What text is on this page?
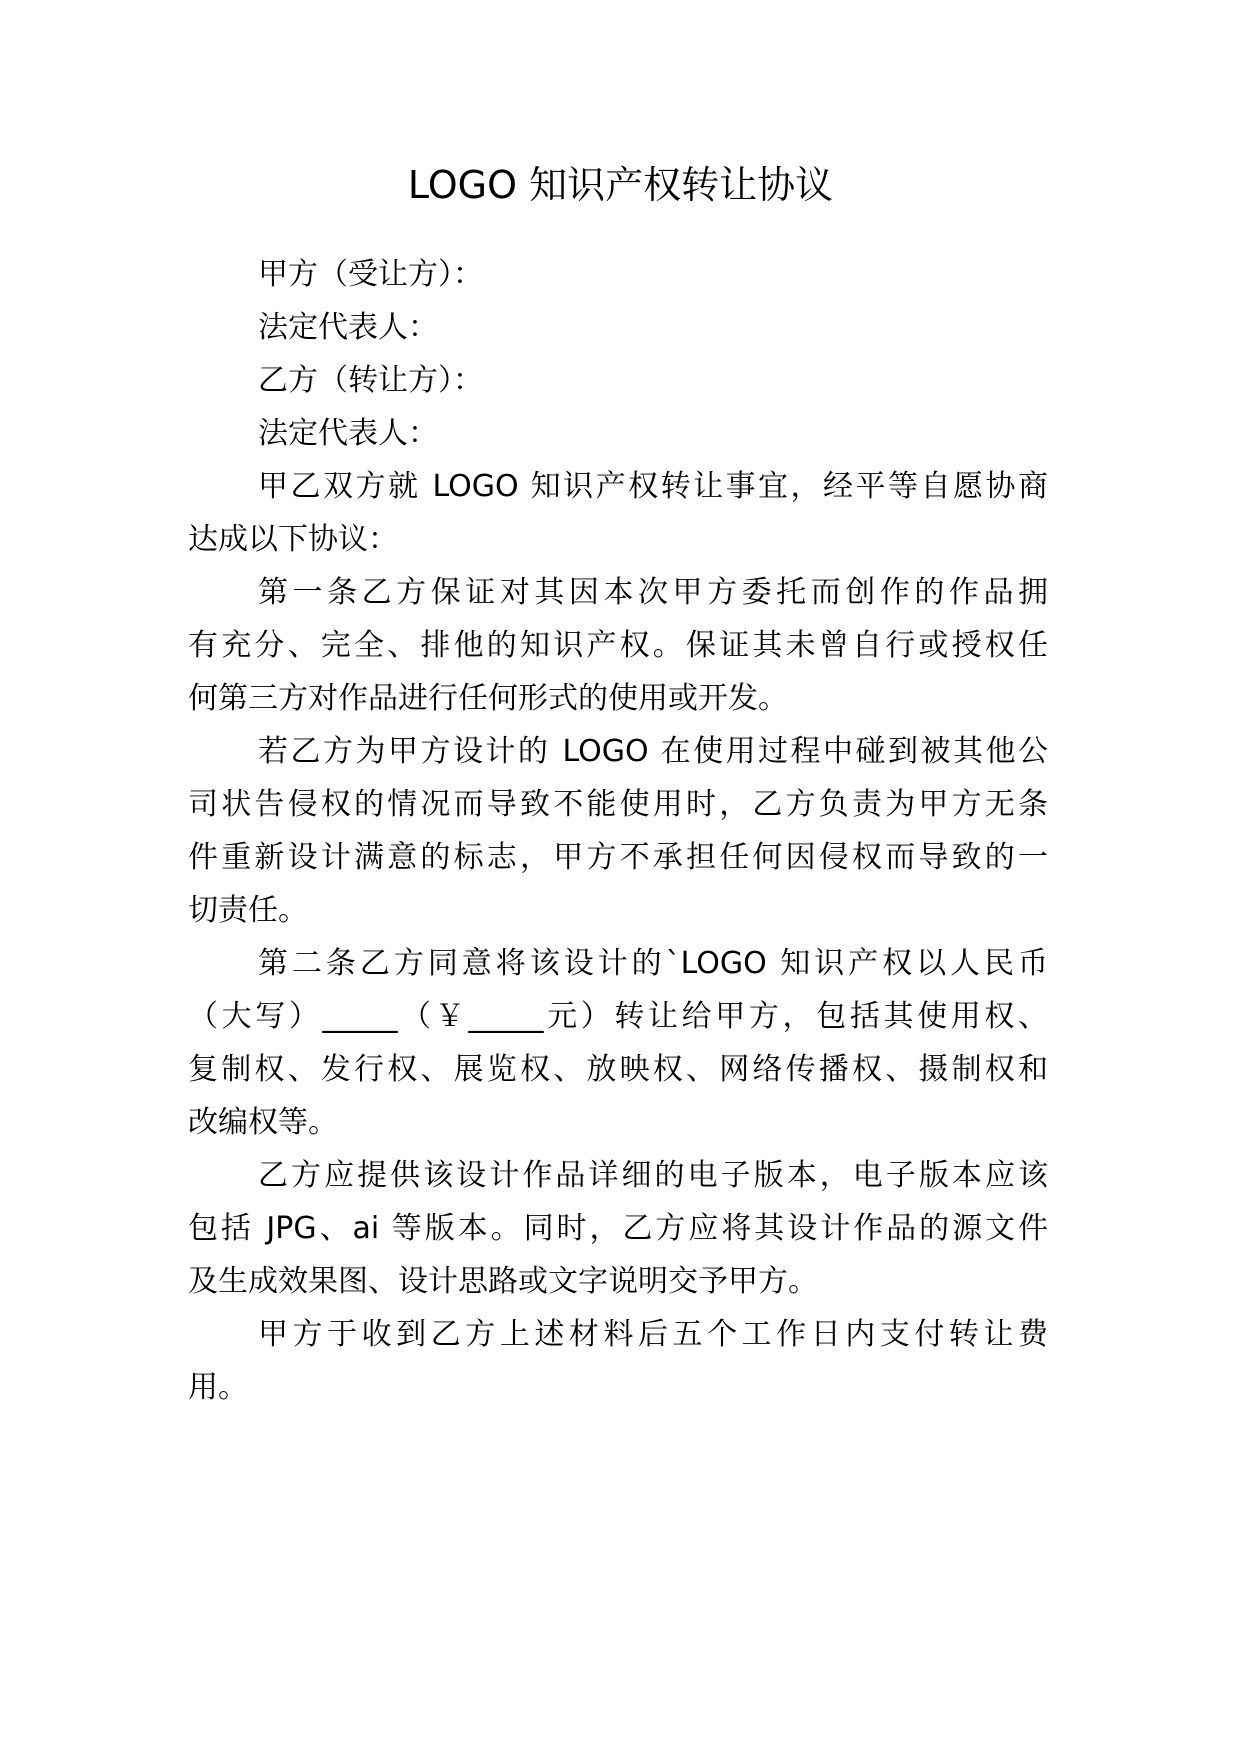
LOGO 知识产权转让协议
甲方（受让方）：
法定代表人：
乙方（转让方）：
法定代表人：
甲乙双方就 LOGO 知识产权转让事宜，经平等自愿协商
达成以下协议：
第一条乙方保证对其因本次甲方委托而创作的作品拥
有充分、完全、排他的知识产权。保证其未曾自行或授权任
何第三方对作品进行任何形式的使用或开发。
若乙方为甲方设计的 LOGO 在使用过程中碰到被其他公
司状告侵权的情况而导致不能使用时，乙方负责为甲方无条
件重新设计满意的标志，甲方不承担任何因侵权而导致的一
切责任。
第二条乙方同意将该设计的`LOGO 知识产权以人民币
（大写）_____（￥_____元）转让给甲方，包括其使用权、
复制权、发行权、展览权、放映权、网络传播权、摄制权和
改编权等。
乙方应提供该设计作品详细的电子版本，电子版本应该
包括 JPG、ai 等版本。同时，乙方应将其设计作品的源文件
及生成效果图、设计思路或文字说明交予甲方。
甲方于收到乙方上述材料后五个工作日内支付转让费
用。
